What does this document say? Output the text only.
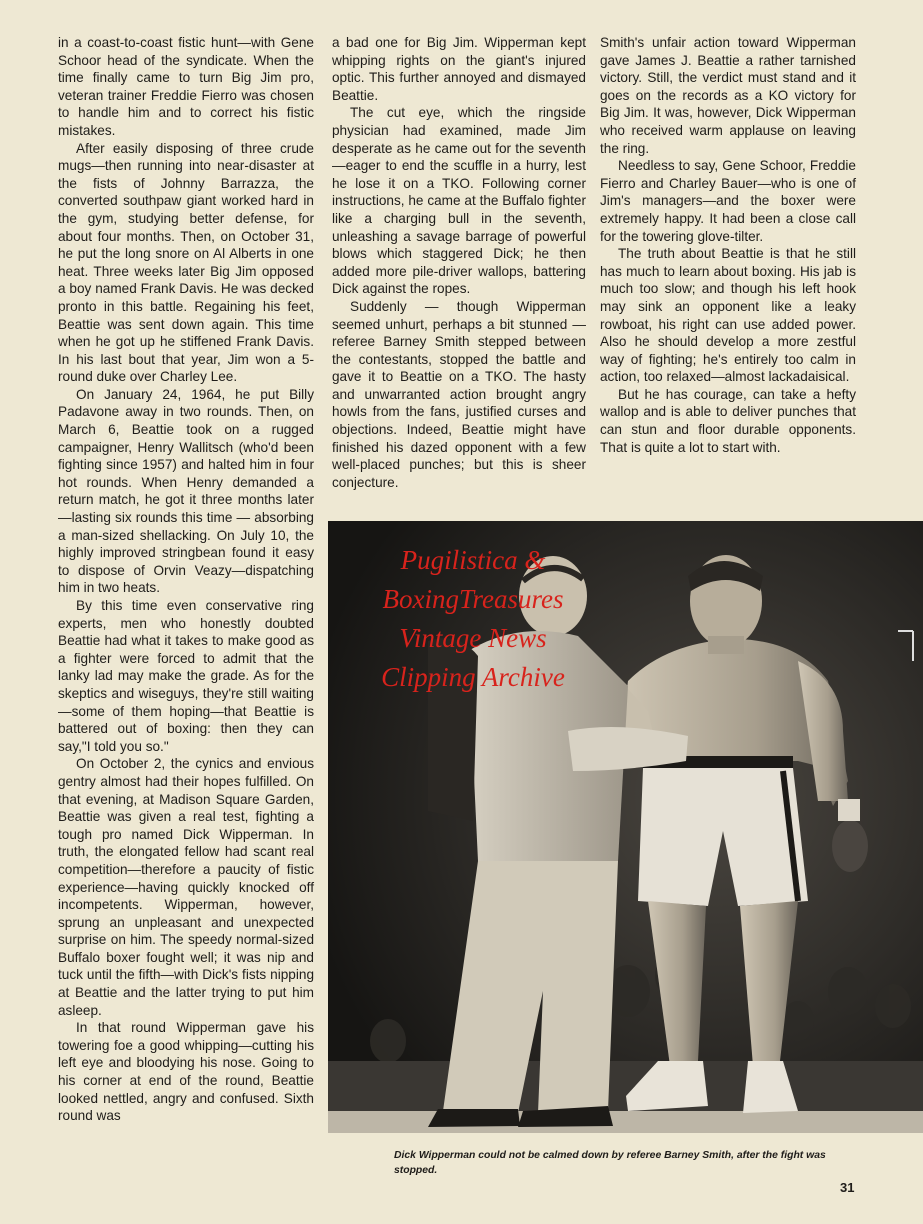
in a coast-to-coast fistic hunt—with Gene Schoor head of the syndicate. When the time finally came to turn Big Jim pro, veteran trainer Freddie Fierro was chosen to handle him and to correct his fistic mistakes.

After easily disposing of three crude mugs—then running into near-disaster at the fists of Johnny Barrazza, the converted southpaw giant worked hard in the gym, studying better defense, for about four months. Then, on October 31, he put the long snore on Al Alberts in one heat. Three weeks later Big Jim opposed a boy named Frank Davis. He was decked pronto in this battle. Regaining his feet, Beattie was sent down again. This time when he got up he stiffened Frank Davis. In his last bout that year, Jim won a 5-round duke over Charley Lee.

On January 24, 1964, he put Billy Padavone away in two rounds. Then, on March 6, Beattie took on a rugged campaigner, Henry Wallitsch (who'd been fighting since 1957) and halted him in four hot rounds. When Henry demanded a return match, he got it three months later—lasting six rounds this time — absorbing a man-sized shellacking. On July 10, the highly improved stringbean found it easy to dispose of Orvin Veazy—dispatching him in two heats.

By this time even conservative ring experts, men who honestly doubted Beattie had what it takes to make good as a fighter were forced to admit that the lanky lad may make the grade. As for the skeptics and wiseguys, they're still waiting—some of them hoping—that Beattie is battered out of boxing: then they can say,"I told you so."

On October 2, the cynics and envious gentry almost had their hopes fulfilled. On that evening, at Madison Square Garden, Beattie was given a real test, fighting a tough pro named Dick Wipperman. In truth, the elongated fellow had scant real competition—therefore a paucity of fistic experience—having quickly knocked off incompetents. Wipperman, however, sprung an unpleasant and unexpected surprise on him. The speedy normal-sized Buffalo boxer fought well; it was nip and tuck until the fifth—with Dick's fists nipping at Beattie and the latter trying to put him asleep.

In that round Wipperman gave his towering foe a good whipping—cutting his left eye and bloodying his nose. Going to his corner at end of the round, Beattie looked nettled, angry and confused. Sixth round was

a bad one for Big Jim. Wipperman kept whipping rights on the giant's injured optic. This further annoyed and dismayed Beattie.

The cut eye, which the ringside physician had examined, made Jim desperate as he came out for the seventh—eager to end the scuffle in a hurry, lest he lose it on a TKO. Following corner instructions, he came at the Buffalo fighter like a charging bull in the seventh, unleashing a savage barrage of powerful blows which staggered Dick; he then added more pile-driver wallops, battering Dick against the ropes.

Suddenly — though Wipperman seemed unhurt, perhaps a bit stunned —referee Barney Smith stepped between the contestants, stopped the battle and gave it to Beattie on a TKO. The hasty and unwarranted action brought angry howls from the fans, justified curses and objections. Indeed, Beattie might have finished his dazed opponent with a few well-placed punches; but this is sheer conjecture.

Smith's unfair action toward Wipperman gave James J. Beattie a rather tarnished victory. Still, the verdict must stand and it goes on the records as a KO victory for Big Jim. It was, however, Dick Wipperman who received warm applause on leaving the ring.

Needless to say, Gene Schoor, Freddie Fierro and Charley Bauer—who is one of Jim's managers—and the boxer were extremely happy. It had been a close call for the towering glove-tilter.

The truth about Beattie is that he still has much to learn about boxing. His jab is much too slow; and though his left hook may sink an opponent like a leaky rowboat, his right can use added power. Also he should develop a more zestful way of fighting; he's entirely too calm in action, too relaxed—almost lackadaisical.

But he has courage, can take a hefty wallop and is able to deliver punches that can stun and floor durable opponents. That is quite a lot to start with.

Pugilistica &
BoxingTreasures
Vintage News
Clipping Archive
Dick Wipperman could not be calmed down by referee Barney Smith, after the fight was stopped.
31
